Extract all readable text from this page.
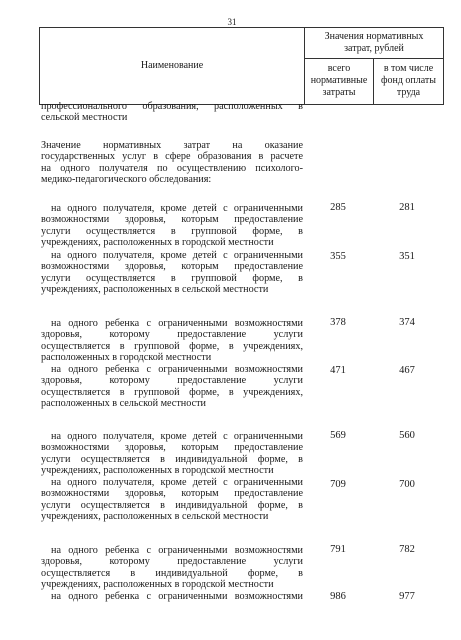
31
Наименование
Значения нормативных
затрат, рублей
всего
нормативные
затраты
в том числе
фонд оплаты
труда
профессионального образования, расположенных в
сельской местности
Значение нормативных затрат на оказание
государственных услуг в сфере образования в расчете
на одного получателя по осуществлению психолого-
медико-педагогического обследования:
на одного получателя, кроме детей с ограниченными
возможностями здоровья, которым предоставление
услуги осуществляется в групповой форме, в
учреждениях, расположенных в городской местности
285	281
на одного получателя, кроме детей с ограниченными
возможностями здоровья, которым предоставление
услуги осуществляется в групповой форме, в
учреждениях, расположенных в сельской местности
355	351
на одного ребенка с ограниченными возможностями
здоровья, которому предоставление услуги
осуществляется в групповой форме, в учреждениях,
расположенных в городской местности
378	374
на одного ребенка с ограниченными возможностями
здоровья, которому предоставление услуги
осуществляется в групповой форме, в учреждениях,
расположенных в сельской местности
471	467
на одного получателя, кроме детей с ограниченными
возможностями здоровья, которым предоставление
услуги осуществляется в индивидуальной форме, в
учреждениях, расположенных в городской местности
569	560
на одного получателя, кроме детей с ограниченными
возможностями здоровья, которым предоставление
услуги осуществляется в индивидуальной форме, в
учреждениях, расположенных в сельской местности
709	700
на одного ребенка с ограниченными возможностями
здоровья, которому предоставление услуги
осуществляется в индивидуальной форме, в
учреждениях, расположенных в городской местности
791	782
на одного ребенка с ограниченными возможностями	986	977
